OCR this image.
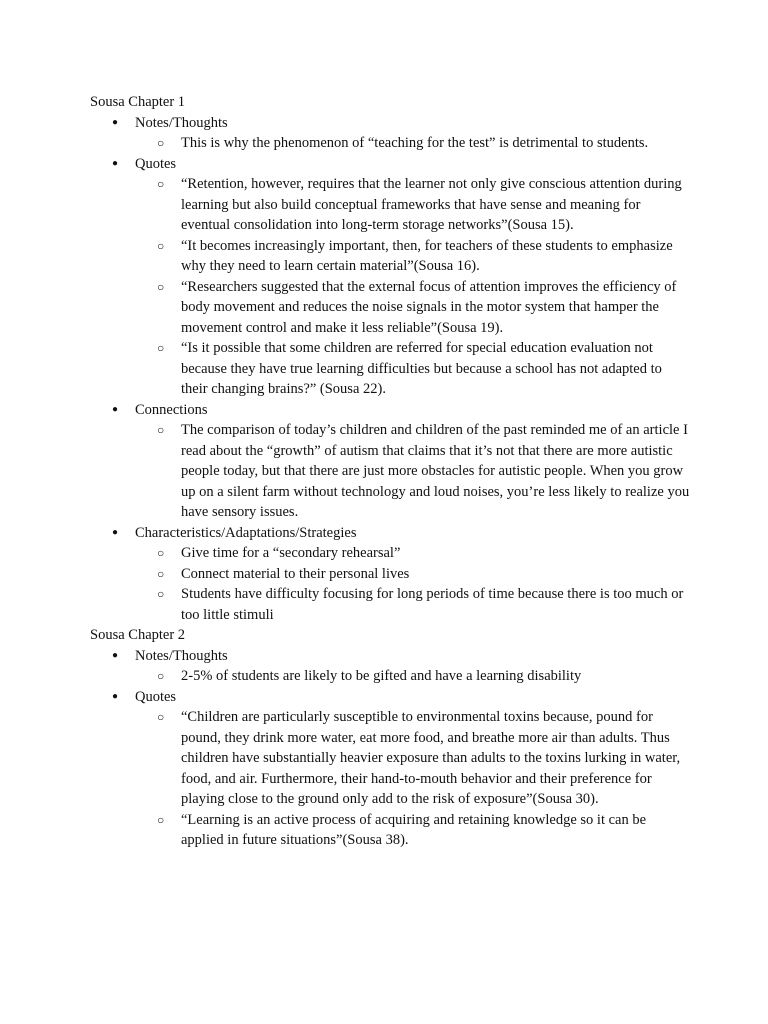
Sousa Chapter 1
● Notes/Thoughts
○ This is why the phenomenon of “teaching for the test” is detrimental to students.
● Quotes
○ “Retention, however, requires that the learner not only give conscious attention during learning but also build conceptual frameworks that have sense and meaning for eventual consolidation into long-term storage networks”(Sousa 15).
○ “It becomes increasingly important, then, for teachers of these students to emphasize why they need to learn certain material”(Sousa 16).
○ “Researchers suggested that the external focus of attention improves the efficiency of body movement and reduces the noise signals in the motor system that hamper the movement control and make it less reliable”(Sousa 19).
○ “Is it possible that some children are referred for special education evaluation not because they have true learning difficulties but because a school has not adapted to their changing brains?” (Sousa 22).
● Connections
○ The comparison of today’s children and children of the past reminded me of an article I read about the “growth” of autism that claims that it’s not that there are more autistic people today, but that there are just more obstacles for autistic people. When you grow up on a silent farm without technology and loud noises, you’re less likely to realize you have sensory issues.
● Characteristics/Adaptations/Strategies
○ Give time for a “secondary rehearsal”
○ Connect material to their personal lives
○ Students have difficulty focusing for long periods of time because there is too much or too little stimuli
Sousa Chapter 2
● Notes/Thoughts
○ 2-5% of students are likely to be gifted and have a learning disability
● Quotes
○ “Children are particularly susceptible to environmental toxins because, pound for pound, they drink more water, eat more food, and breathe more air than adults. Thus children have substantially heavier exposure than adults to the toxins lurking in water, food, and air. Furthermore, their hand-to-mouth behavior and their preference for playing close to the ground only add to the risk of exposure”(Sousa 30).
○ “Learning is an active process of acquiring and retaining knowledge so it can be applied in future situations”(Sousa 38).
